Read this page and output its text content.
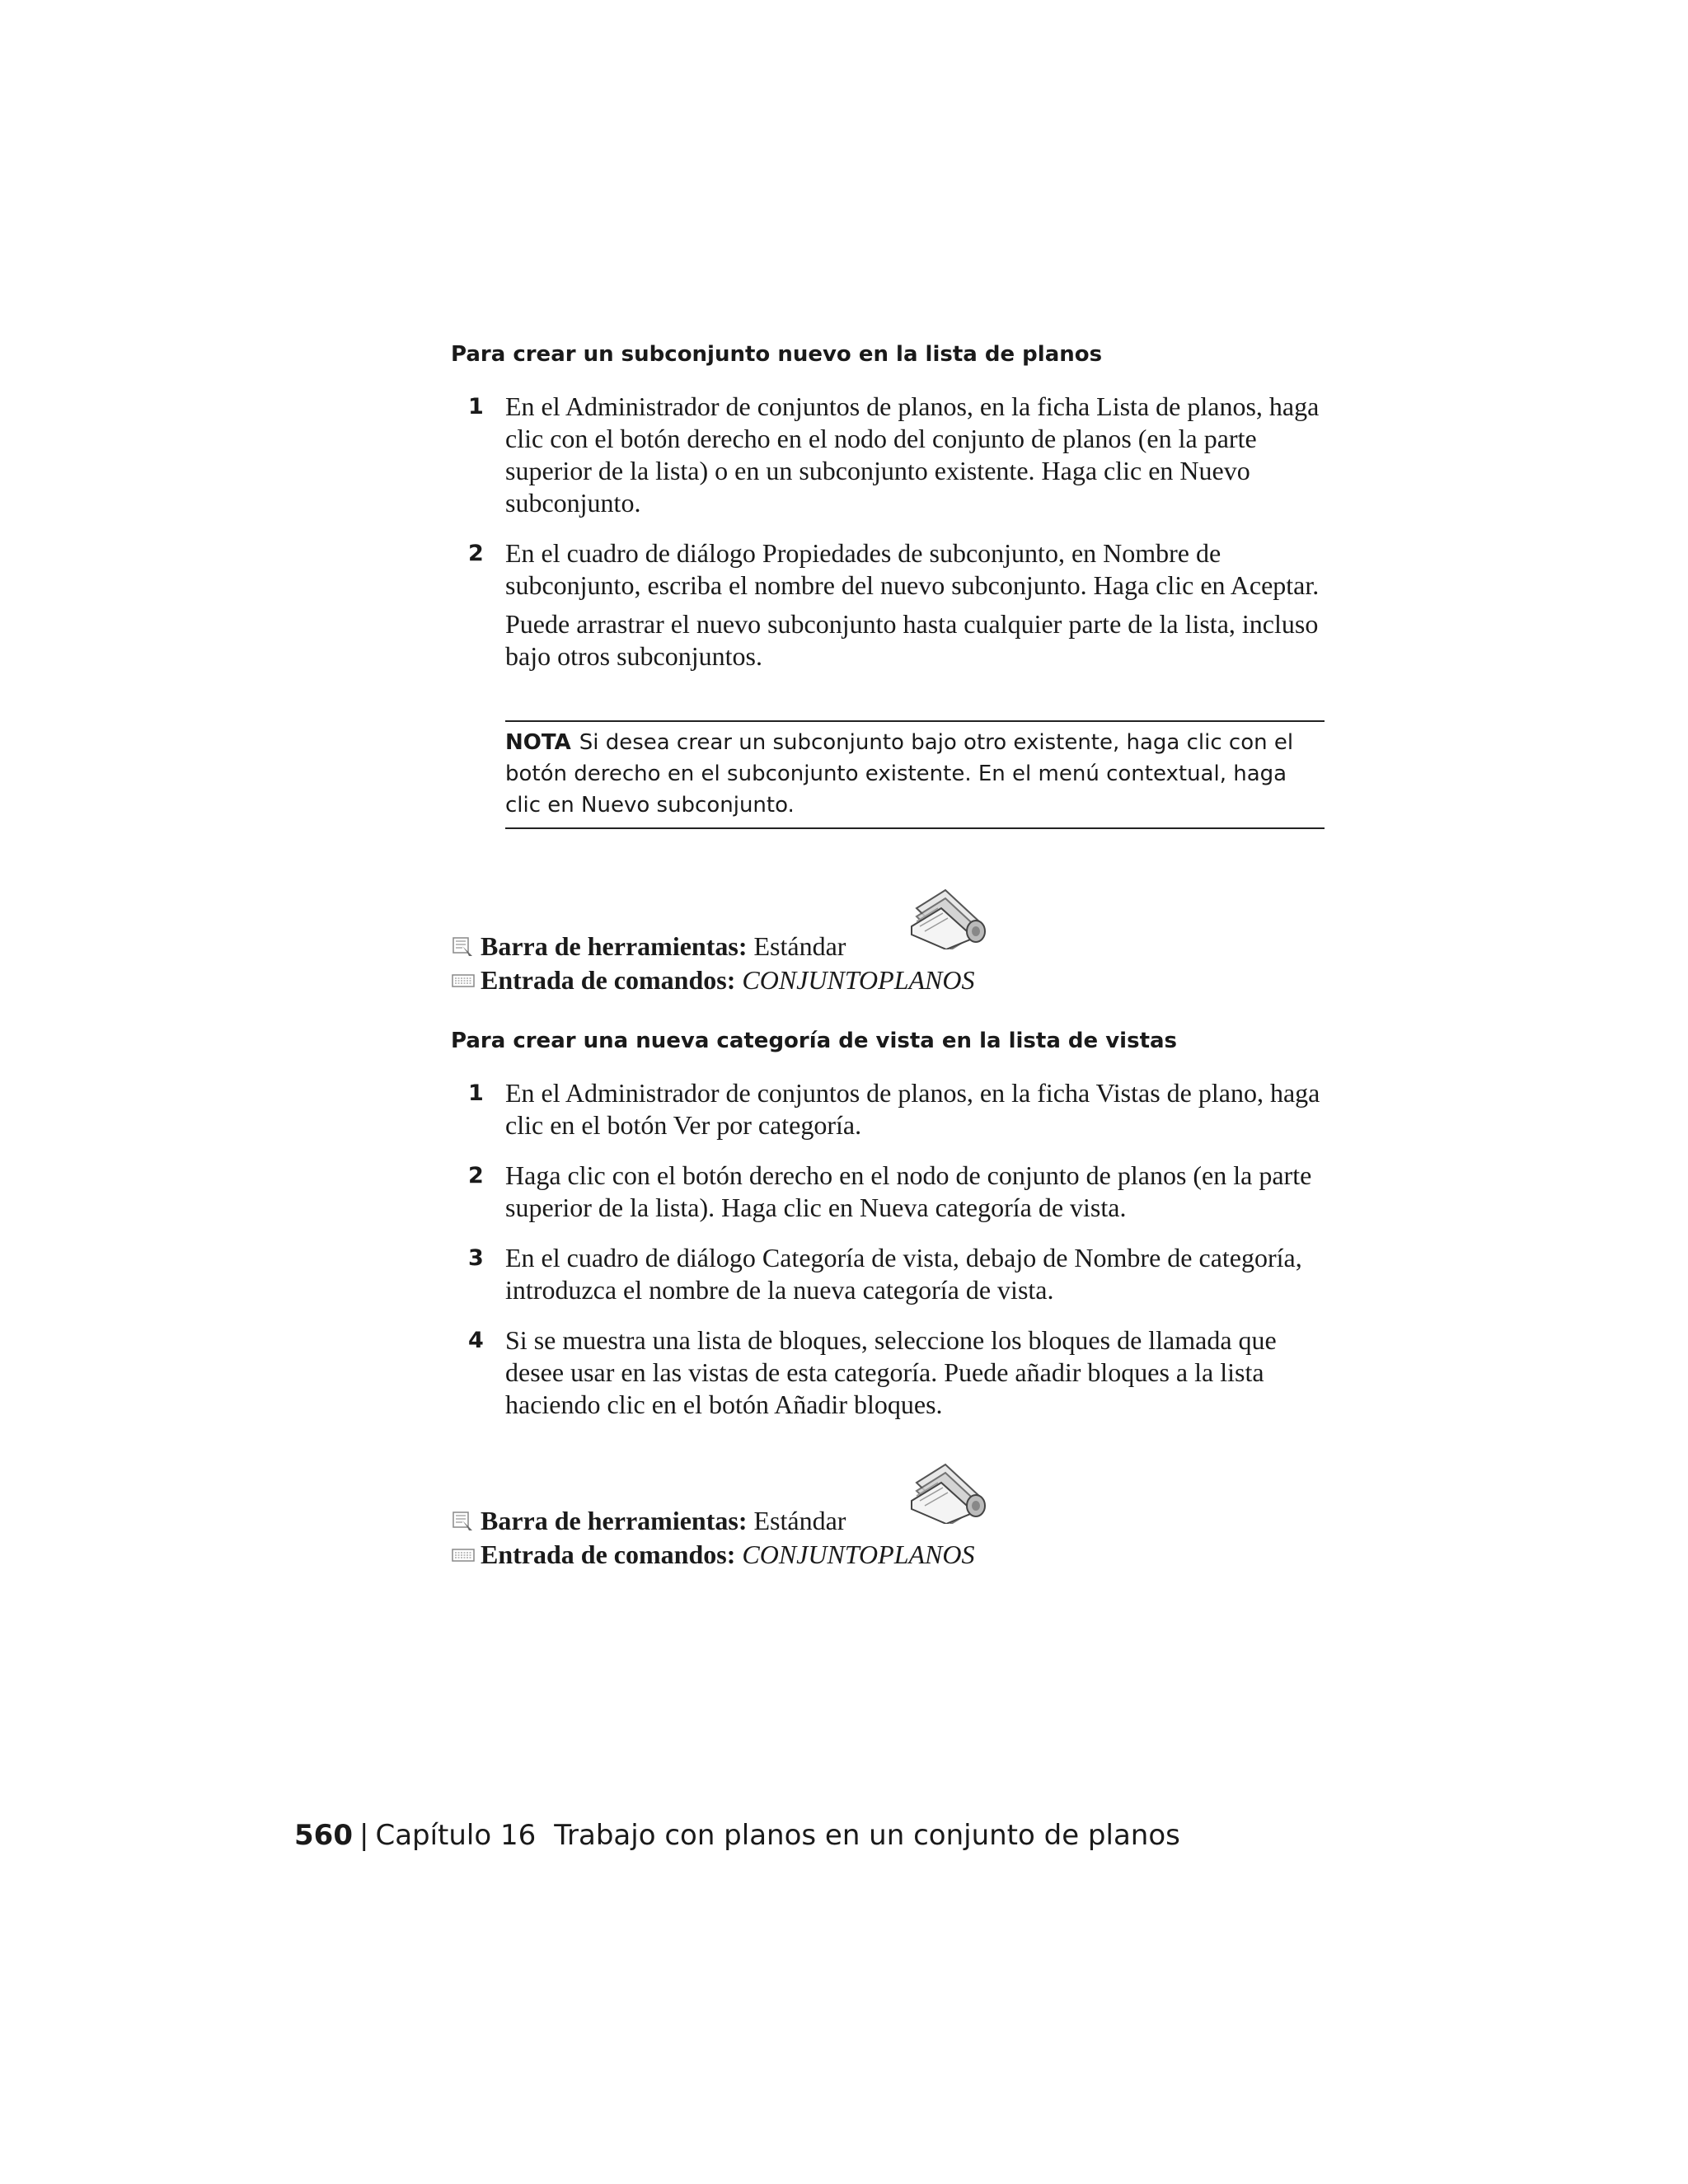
Para crear un subconjunto nuevo en la lista de planos
1 En el Administrador de conjuntos de planos, en la ficha Lista de planos, haga clic con el botón derecho en el nodo del conjunto de planos (en la parte superior de la lista) o en un subconjunto existente. Haga clic en Nuevo subconjunto.
2 En el cuadro de diálogo Propiedades de subconjunto, en Nombre de subconjunto, escriba el nombre del nuevo subconjunto. Haga clic en Aceptar.
Puede arrastrar el nuevo subconjunto hasta cualquier parte de la lista, incluso bajo otros subconjuntos.
NOTA Si desea crear un subconjunto bajo otro existente, haga clic con el botón derecho en el subconjunto existente. En el menú contextual, haga clic en Nuevo subconjunto.
Barra de herramientas: Estándar
Entrada de comandos: CONJUNTOPLANOS
Para crear una nueva categoría de vista en la lista de vistas
1 En el Administrador de conjuntos de planos, en la ficha Vistas de plano, haga clic en el botón Ver por categoría.
2 Haga clic con el botón derecho en el nodo de conjunto de planos (en la parte superior de la lista). Haga clic en Nueva categoría de vista.
3 En el cuadro de diálogo Categoría de vista, debajo de Nombre de categoría, introduzca el nombre de la nueva categoría de vista.
4 Si se muestra una lista de bloques, seleccione los bloques de llamada que desee usar en las vistas de esta categoría. Puede añadir bloques a la lista haciendo clic en el botón Añadir bloques.
Barra de herramientas: Estándar
Entrada de comandos: CONJUNTOPLANOS

560 | Capítulo 16 Trabajo con planos en un conjunto de planos
